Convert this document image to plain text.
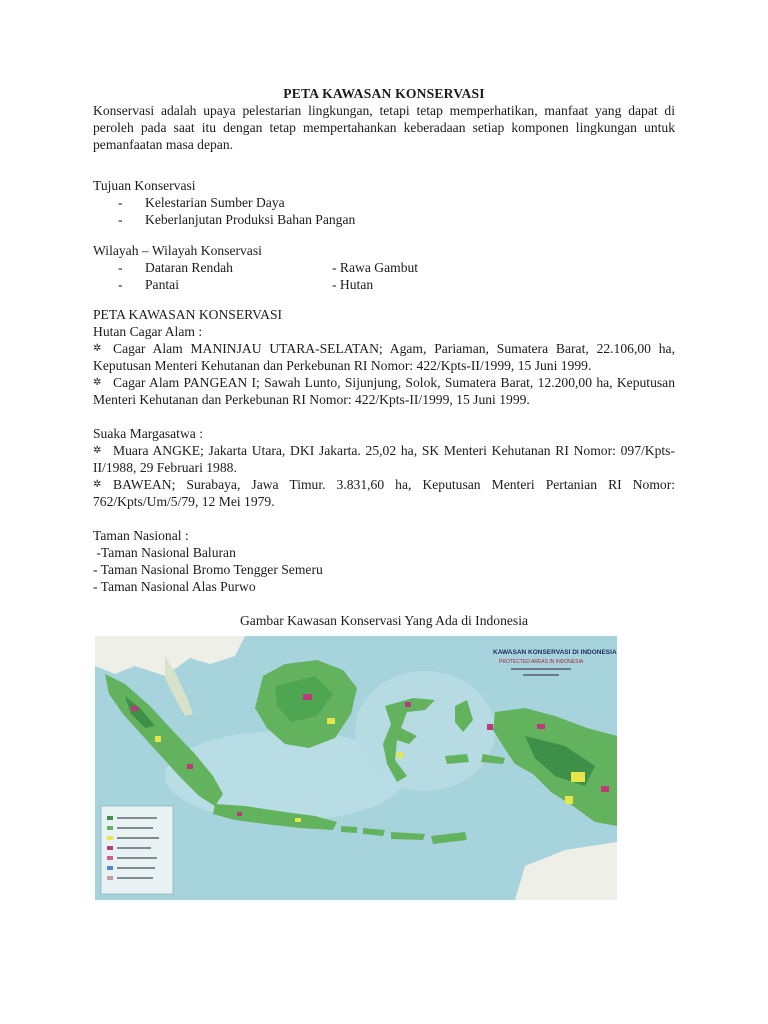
PETA KAWASAN KONSERVASI

Konservasi adalah upaya pelestarian lingkungan, tetapi tetap memperhatikan, manfaat yang dapat di peroleh pada saat itu dengan tetap mempertahankan keberadaan setiap komponen lingkungan untuk pemanfaatan masa depan.

Tujuan Konservasi

- Kelestarian Sumber Daya
- Keberlanjutan Produksi Bahan Pangan

Wilayah – Wilayah Konservasi

- Dataran Rendah	- Rawa Gambut
- Pantai	- Hutan

PETA KAWASAN KONSERVASI

Hutan Cagar Alam :

✲ Cagar Alam MANINJAU UTARA-SELATAN; Agam, Pariaman, Sumatera Barat, 22.106,00 ha, Keputusan Menteri Kehutanan dan Perkebunan RI Nomor: 422/Kpts-II/1999, 15 Juni 1999.

✲ Cagar Alam PANGEAN I; Sawah Lunto, Sijunjung, Solok, Sumatera Barat, 12.200,00 ha, Keputusan Menteri Kehutanan dan Perkebunan RI Nomor: 422/Kpts-II/1999, 15 Juni 1999.

Suaka Margasatwa :

✲ Muara ANGKE; Jakarta Utara, DKI Jakarta. 25,02 ha, SK Menteri Kehutanan RI Nomor: 097/Kpts-II/1988, 29 Februari 1988.

✲ BAWEAN; Surabaya, Jawa Timur. 3.831,60 ha, Keputusan Menteri Pertanian RI Nomor: 762/Kpts/Um/5/79, 12 Mei 1979.

Taman Nasional :

-Taman Nasional Baluran

- Taman Nasional Bromo Tengger Semeru

- Taman Nasional Alas Purwo

Gambar Kawasan Konservasi Yang Ada di Indonesia

KAWASAN KONSERVASI DI INDONESIA
PROTECTED AREAS IN INDONESIA
